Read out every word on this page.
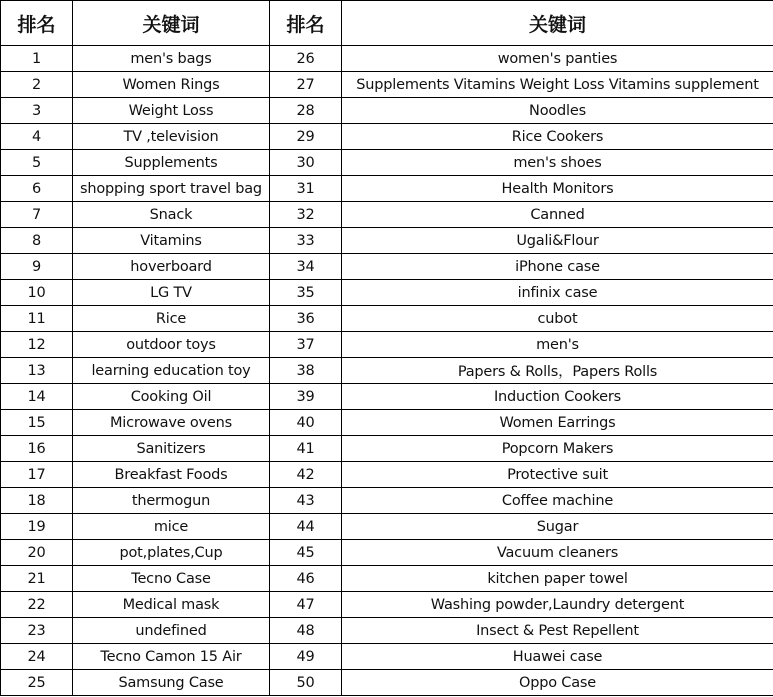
排名	关键词	排名	关键词
1	men's bags	26	women's panties
2	Women Rings	27	Supplements Vitamins Weight Loss Vitamins supplement
3	Weight Loss	28	Noodles
4	TV ,television	29	Rice Cookers
5	Supplements	30	men's shoes
6	shopping sport travel bag	31	Health Monitors
7	Snack	32	Canned
8	Vitamins	33	Ugali&Flour
9	hoverboard	34	iPhone case
10	LG TV	35	infinix case
11	Rice	36	cubot
12	outdoor toys	37	men's
13	learning education toy	38	Papers & Rolls，Papers Rolls
14	Cooking Oil	39	Induction Cookers
15	Microwave ovens	40	Women Earrings
16	Sanitizers	41	Popcorn Makers
17	Breakfast Foods	42	Protective suit
18	thermogun	43	Coffee machine
19	mice	44	Sugar
20	pot,plates,Cup	45	Vacuum cleaners
21	Tecno Case	46	kitchen paper towel
22	Medical mask	47	Washing powder,Laundry detergent
23	undefined	48	Insect & Pest Repellent
24	Tecno Camon 15 Air	49	Huawei case
25	Samsung Case	50	Oppo Case
